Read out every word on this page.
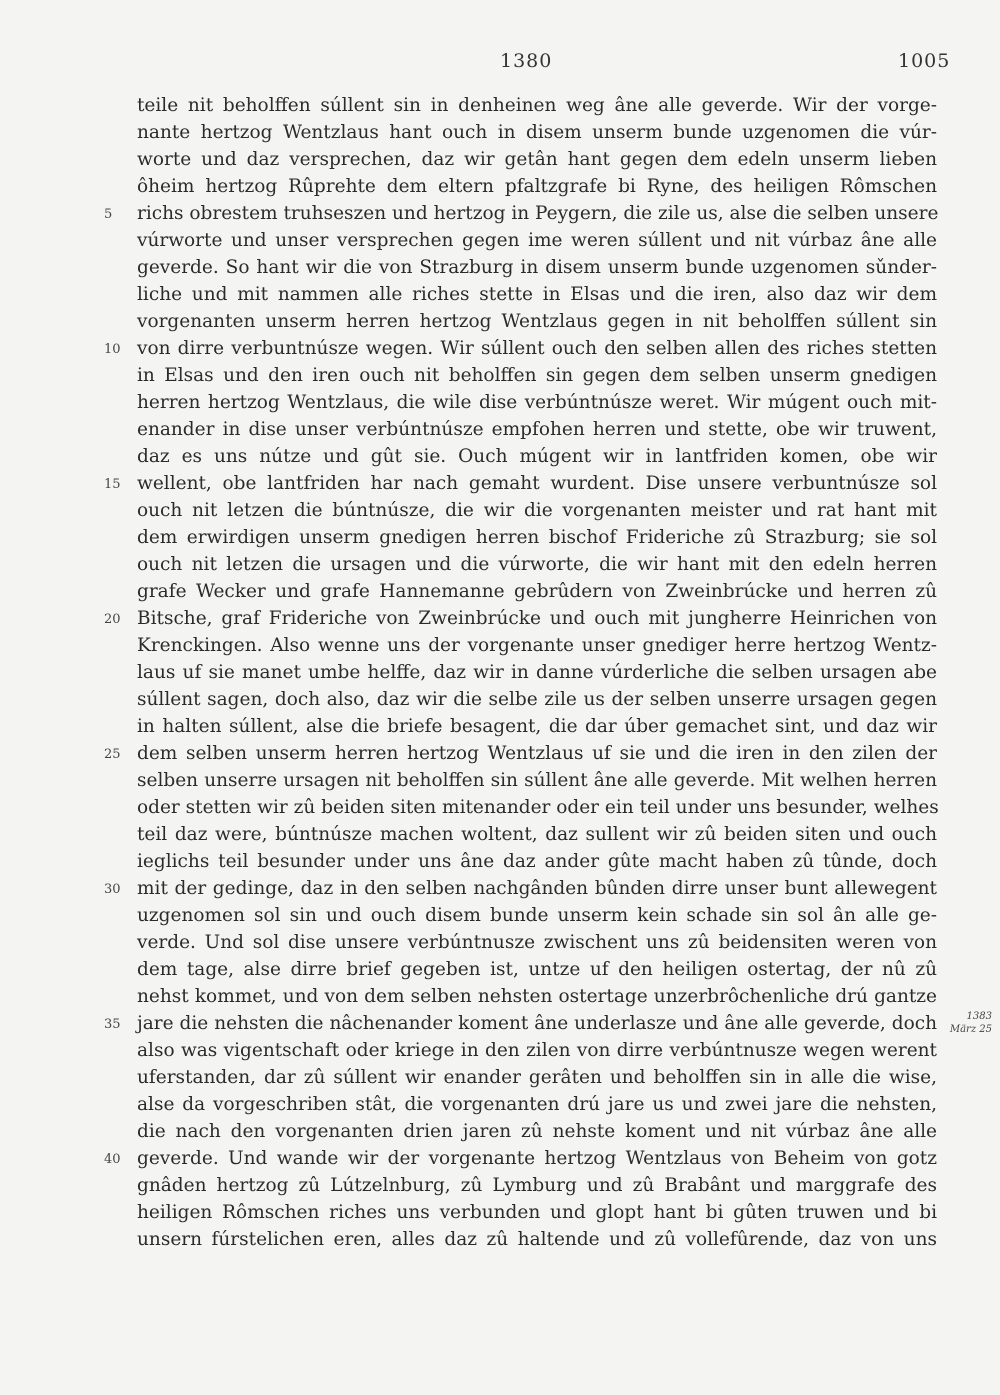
1380	1005
teile nit beholffen súllent sin in denheinen weg âne alle geverde. Wir der vorge-
nante hertzog Wentzlaus hant ouch in disem unserm bunde uzgenomen die vúr-
worte und daz versprechen, daz wir getân hant gegen dem edeln unserm lieben
ôheim hertzog Rûprehte dem eltern pfaltzgrafe bi Ryne, des heiligen Rômschen
richs obrestem truhseszen und hertzog in Peygern, die zile us, alse die selben unsere
vúrworte und unser versprechen gegen ime weren súllent und nit vúrbaz âne alle
geverde. So hant wir die von Strazburg in disem unserm bunde uzgenomen sǔnder-
liche und mit nammen alle riches stette in Elsas und die iren, also daz wir dem
vorgenanten unserm herren hertzog Wentzlaus gegen in nit beholffen súllent sin
von dirre verbuntnúsze wegen. Wir súllent ouch den selben allen des riches stetten
in Elsas und den iren ouch nit beholffen sin gegen dem selben unserm gnedigen
herren hertzog Wentzlaus, die wile dise verbúntnúsze weret. Wir múgent ouch mit-
enander in dise unser verbúntnúsze empfohen herren und stette, obe wir truwent,
daz es uns nútze und gût sie. Ouch múgent wir in lantfriden komen, obe wir
wellent, obe lantfriden har nach gemaht wurdent. Dise unsere verbuntnúsze sol
ouch nit letzen die búntnúsze, die wir die vorgenanten meister und rat hant mit
dem erwirdigen unserm gnedigen herren bischof Frideriche zû Strazburg; sie sol
ouch nit letzen die ursagen und die vúrworte, die wir hant mit den edeln herren
grafe Wecker und grafe Hannemanne gebrûdern von Zweinbrúcke und herren zû
Bitsche, graf Frideriche von Zweinbrúcke und ouch mit jungherre Heinrichen von
Krenckingen. Also wenne uns der vorgenante unser gnediger herre hertzog Wentz-
laus uf sie manet umbe helffe, daz wir in danne vúrderliche die selben ursagen abe
súllent sagen, doch also, daz wir die selbe zile us der selben unserre ursagen gegen
in halten súllent, alse die briefe besagent, die dar úber gemachet sint, und daz wir
dem selben unserm herren hertzog Wentzlaus uf sie und die iren in den zilen der
selben unserre ursagen nit beholffen sin súllent âne alle geverde. Mit welhen herren
oder stetten wir zû beiden siten mitenander oder ein teil under uns besunder, welhes
teil daz were, búntnúsze machen woltent, daz sullent wir zû beiden siten und ouch
ieglichs teil besunder under uns âne daz ander gûte macht haben zû tûnde, doch
mit der gedinge, daz in den selben nachgânden bûnden dirre unser bunt allewegent
uzgenomen sol sin und ouch disem bunde unserm kein schade sin sol ân alle ge-
verde. Und sol dise unsere verbúntnusze zwischent uns zû beidensiten weren von
dem tage, alse dirre brief gegeben ist, untze uf den heiligen ostertag, der nû zû
nehst kommet, und von dem selben nehsten ostertage unzerbrôchenliche drú gantze
jare die nehsten die nâchenander koment âne underlasze und âne alle geverde, doch
also was vigentschaft oder kriege in den zilen von dirre verbúntnusze wegen werent
uferstanden, dar zû súllent wir enander gerâten und beholffen sin in alle die wise,
alse da vorgeschriben stât, die vorgenanten drú jare us und zwei jare die nehsten,
die nach den vorgenanten drien jaren zû nehste koment und nit vúrbaz âne alle
geverde. Und wande wir der vorgenante hertzog Wentzlaus von Beheim von gotz
gnâden hertzog zû Lútzelnburg, zû Lymburg und zû Brabânt und marggrafe des
heiligen Rômschen riches uns verbunden und glopt hant bi gûten truwen und bi
unsern fúrstelichen eren, alles daz zû haltende und zû vollefûrende, daz von uns
5
10
15
20
25
30
35
40
1383
März 25
